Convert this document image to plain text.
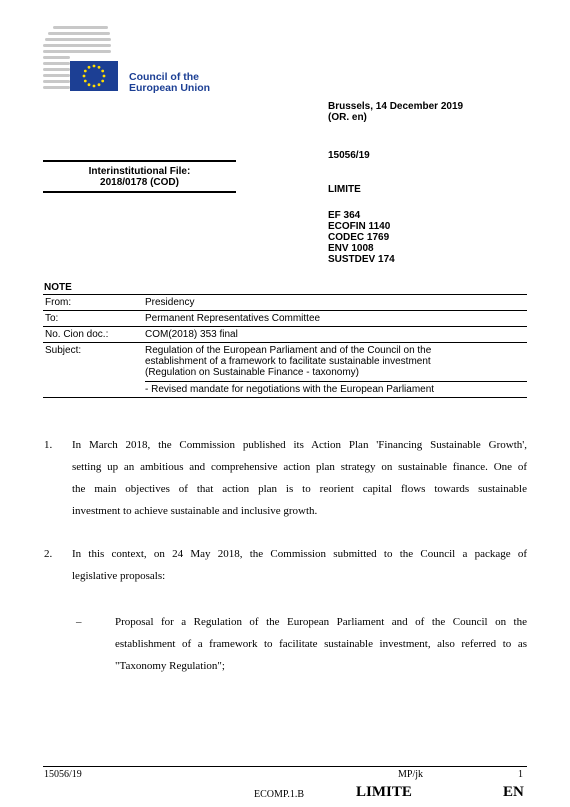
Council of the
European Union
Brussels, 14 December 2019
(OR. en)
15056/19
LIMITE
EF 364
ECOFIN 1140
CODEC 1769
ENV 1008
SUSTDEV 174
Interinstitutional File:
2018/0178 (COD)
NOTE
From:	Presidency
To:	Permanent Representatives Committee
No. Cion doc.:	COM(2018) 353 final
Subject:	Regulation of the European Parliament and of the Council on the
establishment of a framework to facilitate sustainable investment
(Regulation on Sustainable Finance - taxonomy)
- Revised mandate for negotiations with the European Parliament
1. In March 2018, the Commission published its Action Plan 'Financing Sustainable Growth',
setting up an ambitious and comprehensive action plan strategy on sustainable finance. One of
the main objectives of that action plan is to reorient capital flows towards sustainable
investment to achieve sustainable and inclusive growth.
2. In this context, on 24 May 2018, the Commission submitted to the Council a package of
legislative proposals:
–	Proposal for a Regulation of the European Parliament and of the Council on the
establishment of a framework to facilitate sustainable investment, also referred to as
"Taxonomy Regulation";
15056/19	MP/jk	1
ECOMP.1.B	LIMITE	EN
